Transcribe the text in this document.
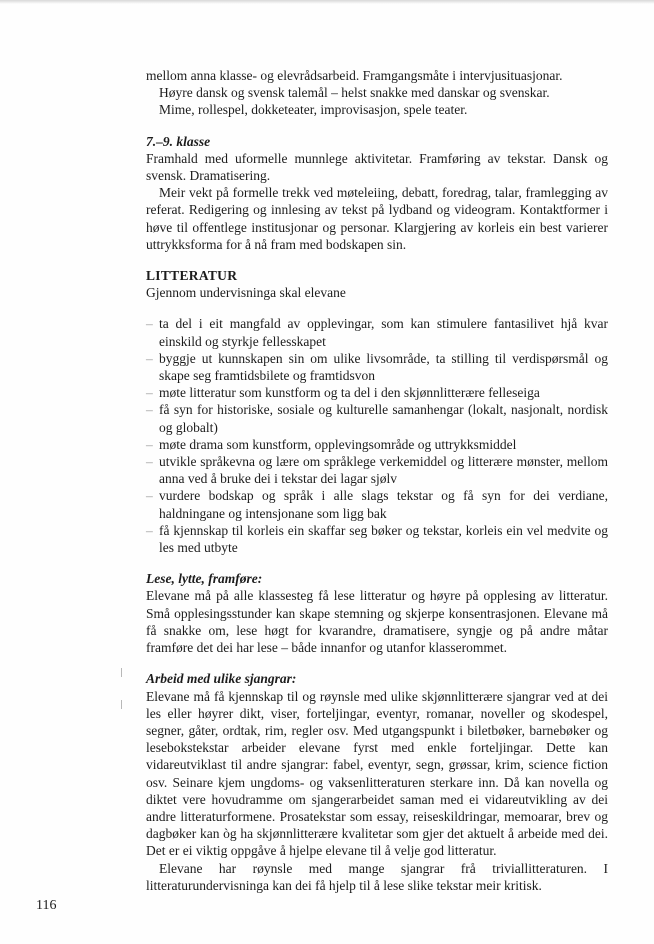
mellom anna klasse- og elevrådsarbeid. Framgangsmåte i intervjusituasjonar.

Høyre dansk og svensk talemål – helst snakke med danskar og svenskar.

Mime, rollespel, dokketeater, improvisasjon, spele teater.

7.–9. klasse

Framhald med uformelle munnlege aktivitetar. Framføring av tekstar. Dansk og svensk. Dramatisering.

Meir vekt på formelle trekk ved møteleiing, debatt, foredrag, talar, framlegging av referat. Redigering og innlesing av tekst på lydband og videogram. Kontaktformer i høve til offentlege institusjonar og personar. Klargjering av korleis ein best varierer uttrykksforma for å nå fram med bodskapen sin.

LITTERATUR

Gjennom undervisninga skal elevane

– ta del i eit mangfald av opplevingar, som kan stimulere fantasilivet hjå kvar einskild og styrkje fellesskapet
– byggje ut kunnskapen sin om ulike livsområde, ta stilling til verdispørsmål og skape seg framtidsbilete og framtidsvon
– møte litteratur som kunstform og ta del i den skjønnlitterære felleseiga
– få syn for historiske, sosiale og kulturelle samanhengar (lokalt, nasjonalt, nordisk og globalt)
– møte drama som kunstform, opplevingsområde og uttrykksmiddel
– utvikle språkevna og lære om språklege verkemiddel og litterære mønster, mellom anna ved å bruke dei i tekstar dei lagar sjølv
– vurdere bodskap og språk i alle slags tekstar og få syn for dei verdiane, haldningane og intensjonane som ligg bak
– få kjennskap til korleis ein skaffar seg bøker og tekstar, korleis ein vel medvite og les med utbyte

Lese, lytte, framføre:

Elevane må på alle klassesteg få lese litteratur og høyre på opplesing av litteratur. Små opplesingsstunder kan skape stemning og skjerpe konsentrasjonen. Elevane må få snakke om, lese høgt for kvarandre, dramatisere, syngje og på andre måtar framføre det dei har lese – både innanfor og utanfor klasserommet.

Arbeid med ulike sjangrar:

Elevane må få kjennskap til og røynsle med ulike skjønnlitterære sjangrar ved at dei les eller høyrer dikt, viser, forteljingar, eventyr, romanar, noveller og skodespel, segner, gåter, ordtak, rim, regler osv. Med utgangspunkt i biletbøker, barnebøker og lesebokstekstar arbeider elevane fyrst med enkle forteljingar. Dette kan vidareutviklast til andre sjangrar: fabel, eventyr, segn, grøssar, krim, science fiction osv. Seinare kjem ungdoms- og vaksenlitteraturen sterkare inn. Då kan novella og diktet vere hovudramme om sjangerarbeidet saman med ei vidareutvikling av dei andre litteraturformene. Prosatekstar som essay, reiseskildringar, memoarar, brev og dagbøker kan òg ha skjønnlitterære kvalitetar som gjer det aktuelt å arbeide med dei. Det er ei viktig oppgåve å hjelpe elevane til å velje god litteratur.

Elevane har røynsle med mange sjangrar frå triviallitteraturen. I litteraturundervisninga kan dei få hjelp til å lese slike tekstar meir kritisk.

116
